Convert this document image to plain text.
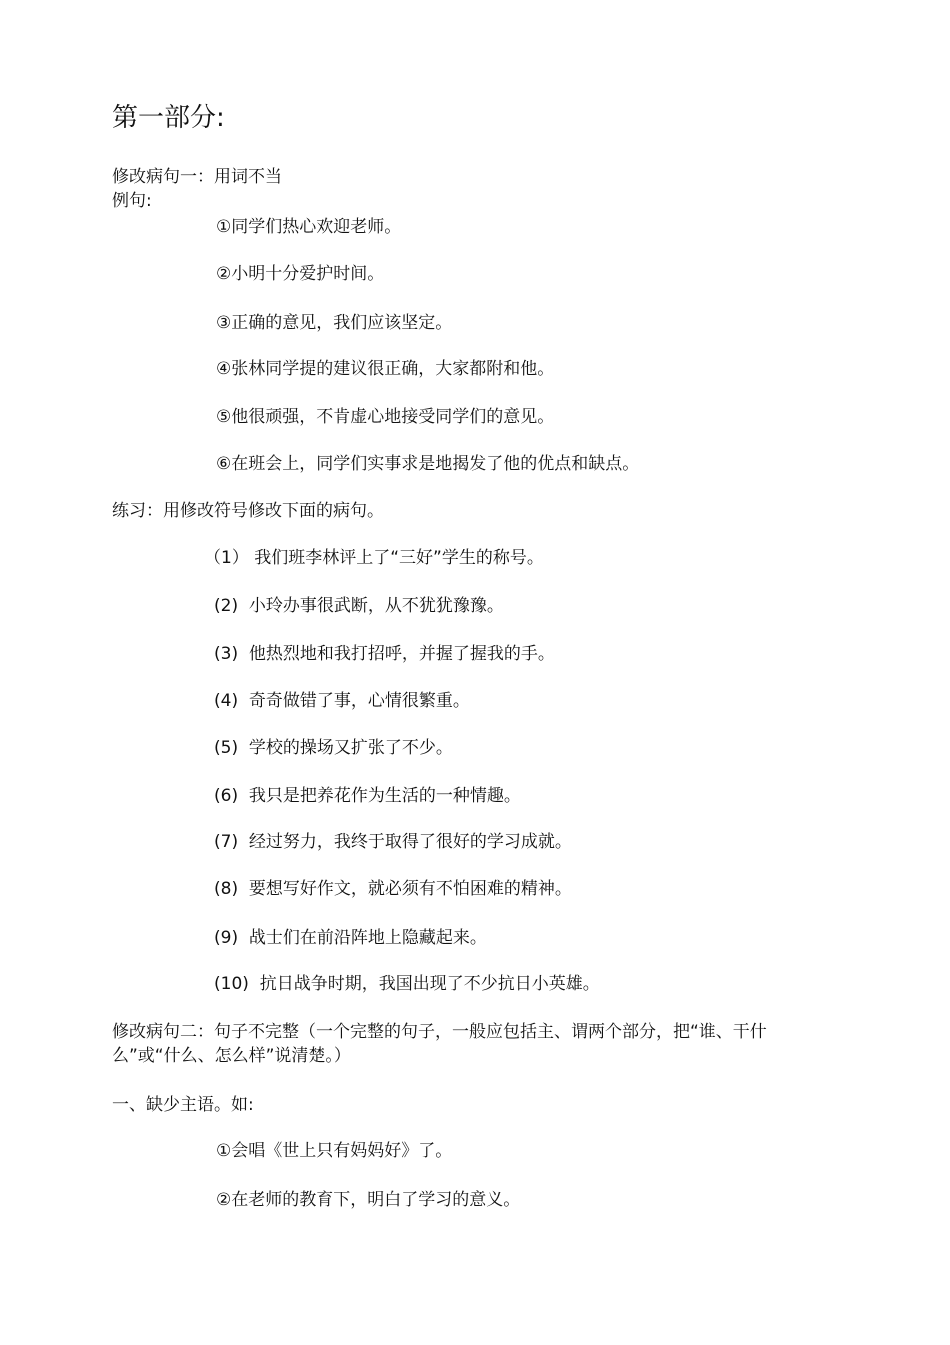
第一部分:
修改病句一：用词不当
例句:
①同学们热心欢迎老师。
②小明十分爱护时间。
③正确的意见，我们应该坚定。
④张林同学提的建议很正确，大家都附和他。
⑤他很顽强，不肯虚心地接受同学们的意见。
⑥在班会上，同学们实事求是地揭发了他的优点和缺点。
练习：用修改符号修改下面的病句。
（1） 我们班李林评上了“三好”学生的称号。
(2) 小玲办事很武断，从不犹犹豫豫。
(3) 他热烈地和我打招呼，并握了握我的手。
(4) 奇奇做错了事，心情很繁重。
(5) 学校的操场又扩张了不少。
(6) 我只是把养花作为生活的一种情趣。
(7) 经过努力，我终于取得了很好的学习成就。
(8) 要想写好作文，就必须有不怕困难的精神。
(9) 战士们在前沿阵地上隐藏起来。
(10) 抗日战争时期，我国出现了不少抗日小英雄。
修改病句二：句子不完整（一个完整的句子，一般应包括主、谓两个部分，把“谁、干什么”或“什么、怎么样”说清楚。）
一、缺少主语。如:
①会唱《世上只有妈妈好》了。
②在老师的教育下，明白了学习的意义。
